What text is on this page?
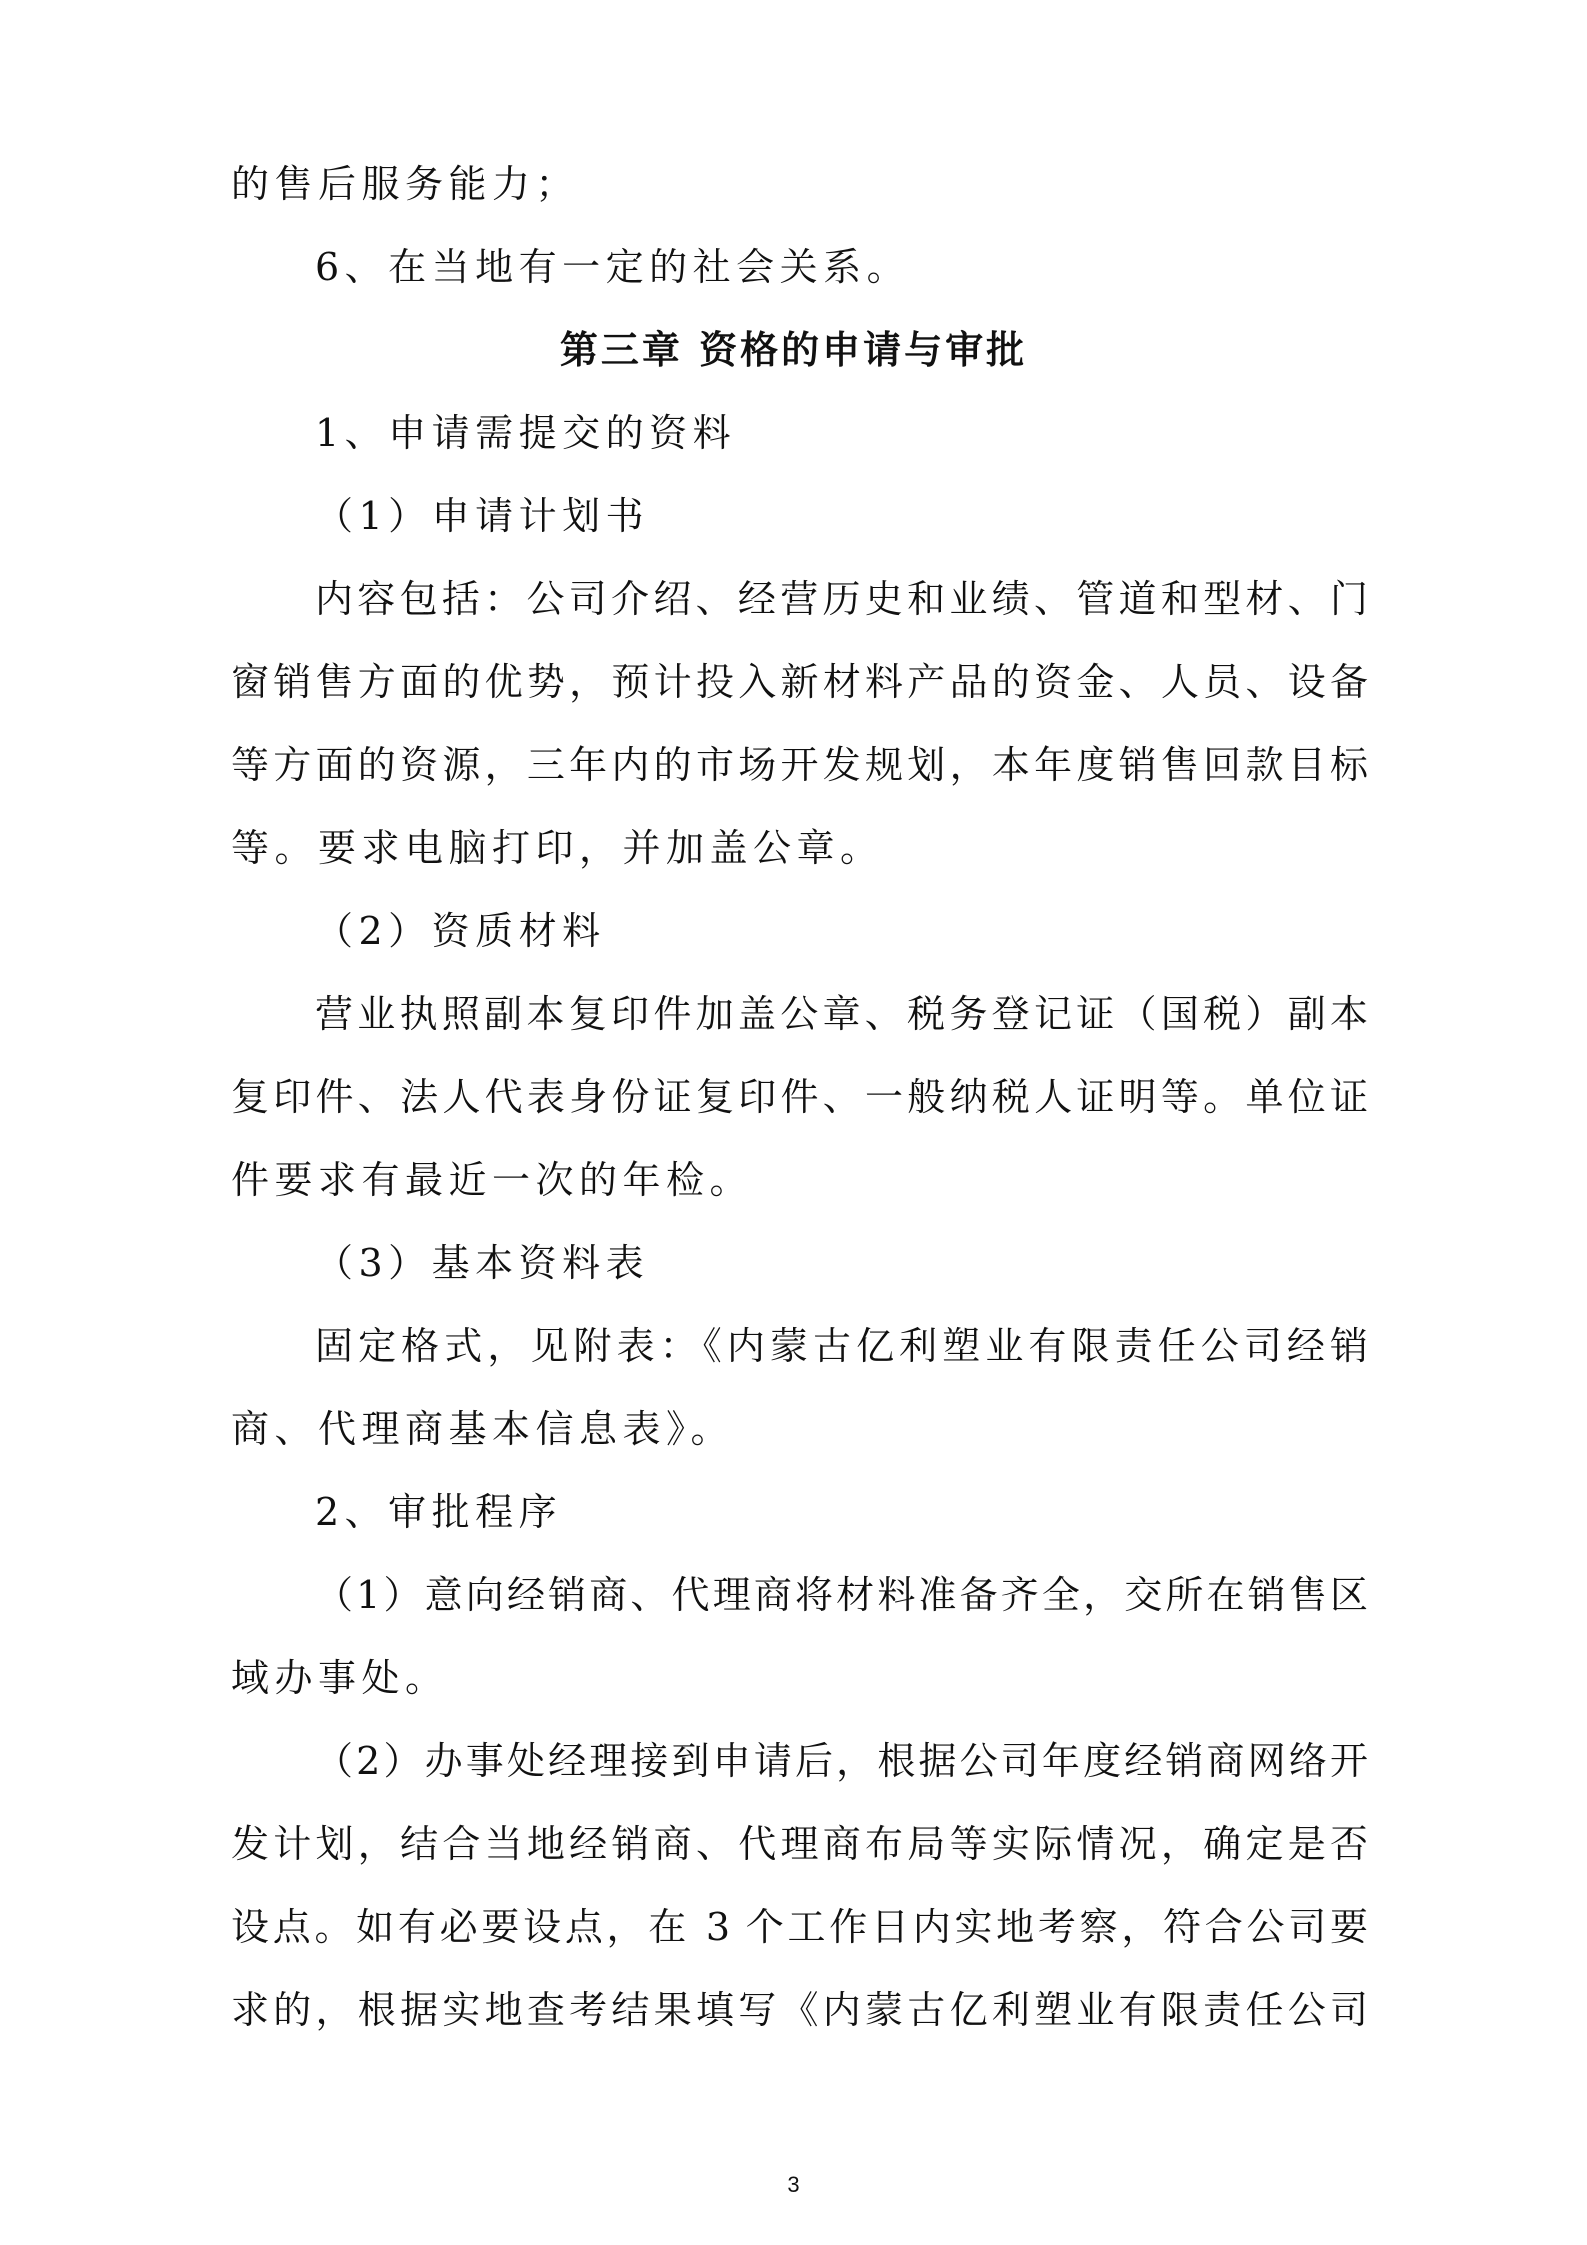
的售后服务能力；
6、在当地有一定的社会关系。
第三章 资格的申请与审批
1、申请需提交的资料
（1）申请计划书
内容包括：公司介绍、经营历史和业绩、管道和型材、门
窗销售方面的优势，预计投入新材料产品的资金、人员、设备
等方面的资源，三年内的市场开发规划，本年度销售回款目标
等。要求电脑打印，并加盖公章。
（2）资质材料
营业执照副本复印件加盖公章、税务登记证（国税）副本
复印件、法人代表身份证复印件、一般纳税人证明等。单位证
件要求有最近一次的年检。
（3）基本资料表
固定格式，见附表：《内蒙古亿利塑业有限责任公司经销
商、代理商基本信息表》。
2、审批程序
（1）意向经销商、代理商将材料准备齐全，交所在销售区
域办事处。
（2）办事处经理接到申请后，根据公司年度经销商网络开
发计划，结合当地经销商、代理商布局等实际情况，确定是否
设点。如有必要设点，在 3 个工作日内实地考察，符合公司要
求的，根据实地查考结果填写《内蒙古亿利塑业有限责任公司
3
